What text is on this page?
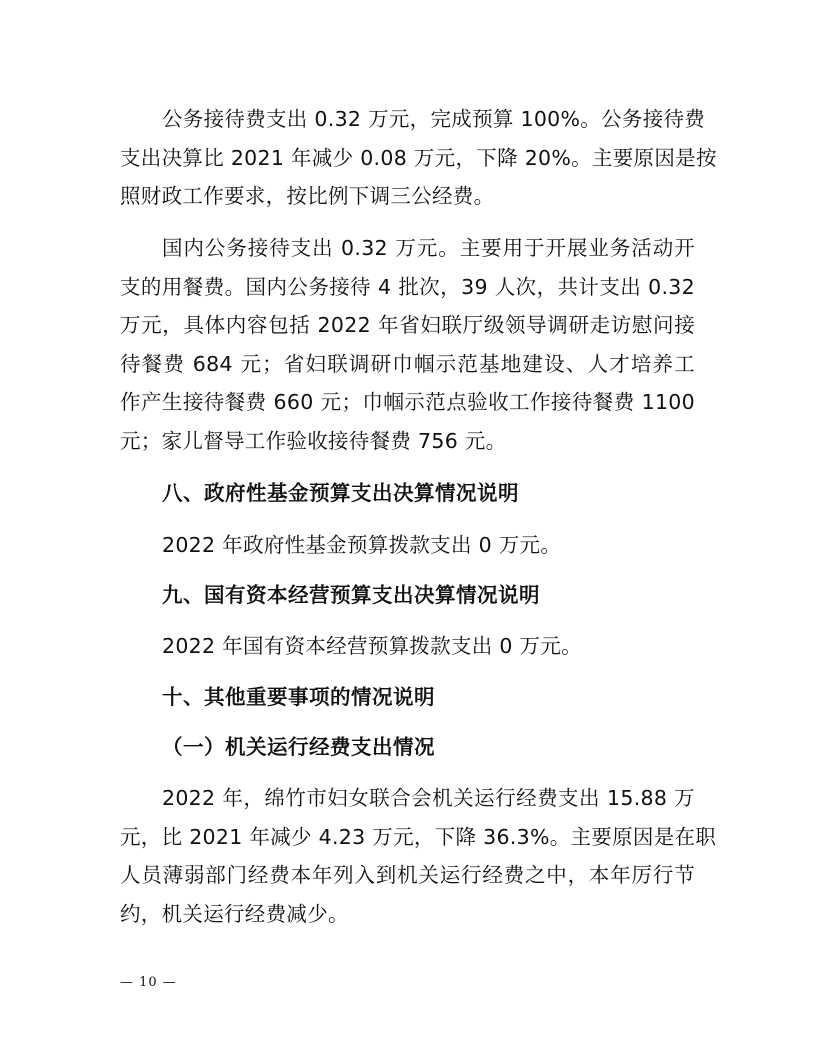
公务接待费支出 0.32 万元，完成预算 100%。公务接待费
支出决算比 2021 年减少 0.08 万元，下降 20%。主要原因是按
照财政工作要求，按比例下调三公经费。
国内公务接待支出 0.32 万元。主要用于开展业务活动开
支的用餐费。国内公务接待 4 批次，39 人次，共计支出 0.32
万元，具体内容包括 2022 年省妇联厅级领导调研走访慰问接
待餐费 684 元；省妇联调研巾帼示范基地建设、人才培养工
作产生接待餐费 660 元；巾帼示范点验收工作接待餐费 1100
元；家儿督导工作验收接待餐费 756 元。
八、政府性基金预算支出决算情况说明
2022 年政府性基金预算拨款支出 0 万元。
九、国有资本经营预算支出决算情况说明
2022 年国有资本经营预算拨款支出 0 万元。
十、其他重要事项的情况说明
（一）机关运行经费支出情况
2022 年，绵竹市妇女联合会机关运行经费支出 15.88 万
元，比 2021 年减少 4.23 万元，下降 36.3%。主要原因是在职
人员薄弱部门经费本年列入到机关运行经费之中，本年厉行节
约，机关运行经费减少。
— 10 —
